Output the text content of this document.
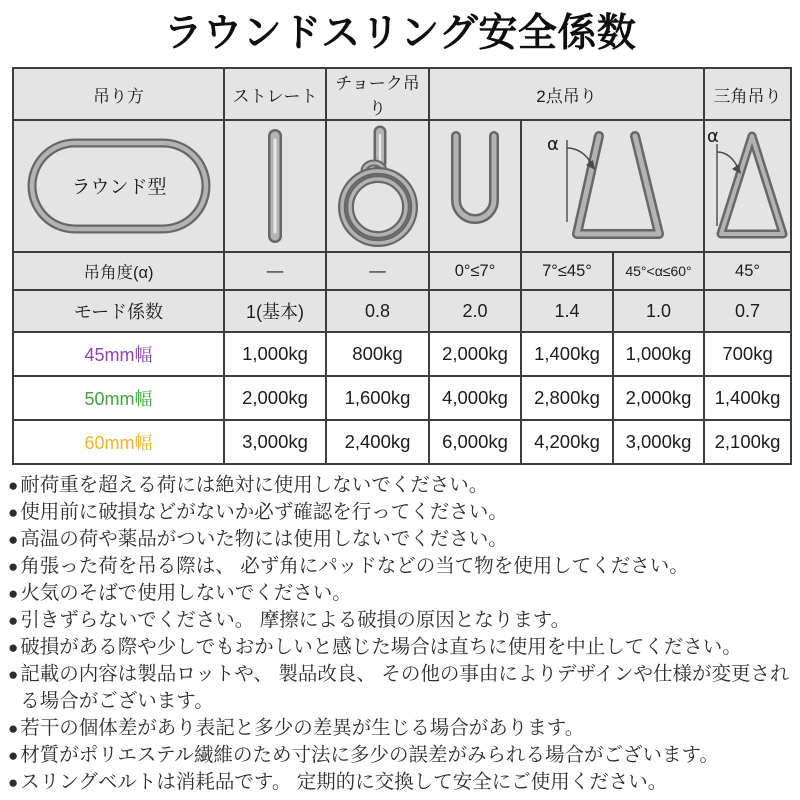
ラウンドスリング安全係数
吊り方	ストレート	チョーク吊り	2点吊り			三角吊り

ラウンド型				α		α

吊角度(α)	—	—	0°≤7°	7°≤45°	45°<α≤60°	45°
モード係数	1(基本)	0.8	2.0	1.4	1.0	0.7
45mm幅	1,000kg	800kg	2,000kg	1,400kg	1,000kg	700kg
50mm幅	2,000kg	1,600kg	4,000kg	2,800kg	2,000kg	1,400kg
60mm幅	3,000kg	2,400kg	6,000kg	4,200kg	3,000kg	2,100kg
● 耐荷重を超える荷には絶対に使用しないでください。
● 使用前に破損などがないか必ず確認を行ってください。
● 高温の荷や薬品がついた物には使用しないでください。
● 角張った荷を吊る際は、 必ず角にパッドなどの当て物を使用してください。
● 火気のそばで使用しないでください。
● 引きずらないでください。 摩擦による破損の原因となります。
● 破損がある際や少しでもおかしいと感じた場合は直ちに使用を中止してください。
● 記載の内容は製品ロットや、 製品改良、 その他の事由によりデザインや仕様が変更される場合がございます。
● 若干の個体差があり表記と多少の差異が生じる場合があります。
● 材質がポリエステル繊維のため寸法に多少の誤差がみられる場合がございます。
● スリングベルトは消耗品です。 定期的に交換して安全にご使用ください。
